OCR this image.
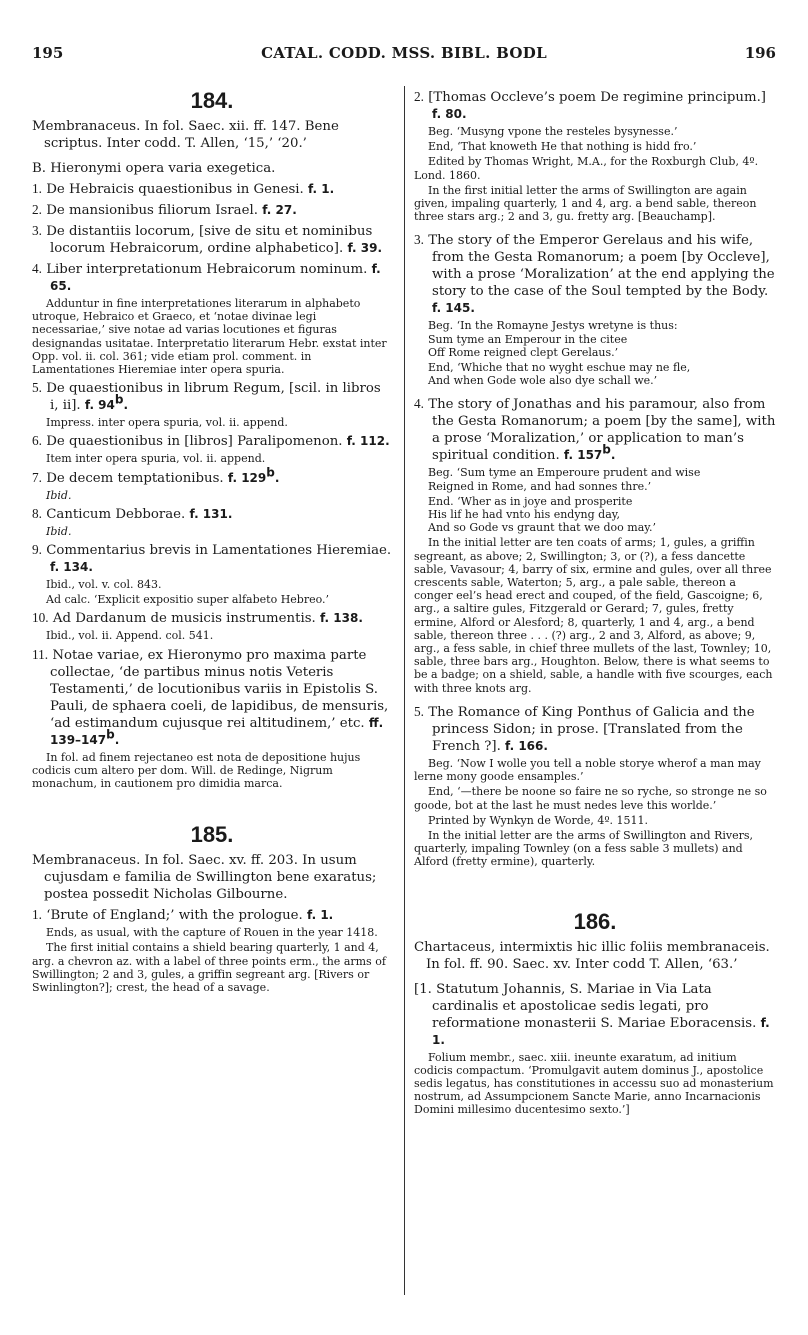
195	CATAL. CODD. MSS. BIBL. BODL	196

184.

Membranaceus. In fol. Saec. xii. ff. 147. Bene scriptus. Inter codd. T. Allen, ‘15,’ ‘20.’

B. Hieronymi opera varia exegetica.

1. De Hebraicis quaestionibus in Genesi. f. 1.

2. De mansionibus filiorum Israel. f. 27.

3. De distantiis locorum, [sive de situ et nominibus locorum Hebraicorum, ordine alphabetico]. f. 39.

4. Liber interpretationum Hebraicorum nominum. f. 65.

Adduntur in fine interpretationes literarum in alphabeto utroque, Hebraico et Graeco, et ‘notae divinae legi necessariae,’ sive notae ad varias locutiones et figuras designandas usitatae. Interpretatio literarum Hebr. exstat inter Opp. vol. ii. col. 361; vide etiam prol. comment. in Lamentationes Hieremiae inter opera spuria.

5. De quaestionibus in librum Regum, [scil. in libros i, ii]. f. 94$^b$.

Impress. inter opera spuria, vol. ii. append.

6. De quaestionibus in [libros] Paralipomenon. f. 112.

Item inter opera spuria, vol. ii. append.

7. De decem temptationibus. f. 129$^b$.

Ibid.

8. Canticum Debborae. f. 131.

Ibid.

9. Commentarius brevis in Lamentationes Hieremiae. f. 134.

Ibid., vol. v. col. 843.

Ad calc. ‘Explicit expositio super alfabeto Hebreo.’

10. Ad Dardanum de musicis instrumentis. f. 138.

Ibid., vol. ii. Append. col. 541.

11. Notae variae, ex Hieronymo pro maxima parte collectae, ‘de partibus minus notis Veteris Testamenti,’ de locutionibus variis in Epistolis S. Pauli, de sphaera coeli, de lapidibus, de mensuris, ‘ad estimandum cujusque rei altitudinem,’ etc. ff. 139–147$^b$.

In fol. ad finem rejectaneo est nota de depositione hujus codicis cum altero per dom. Will. de Redinge, Nigrum monachum, in cautionem pro dimidia marca.

185.

Membranaceus. In fol. Saec. xv. ff. 203. In usum cujusdam e familia de Swillington bene exaratus; postea possedit Nicholas Gilbourne.

1. ‘Brute of England;’ with the prologue. f. 1.

Ends, as usual, with the capture of Rouen in the year 1418.

The first initial contains a shield bearing quarterly, 1 and 4, arg. a chevron az. with a label of three points erm., the arms of Swillington; 2 and 3, gules, a griffin segreant arg. [Rivers or Swinlington?]; crest, the head of a savage.

2. [Thomas Occleve’s poem De regimine principum.] f. 80.

Beg. ‘Musyng vpone the resteles bysynesse.’

End, ‘That knoweth He that nothing is hidd fro.’

Edited by Thomas Wright, M.A., for the Roxburgh Club, 4º. Lond. 1860.

In the first initial letter the arms of Swillington are again given, impaling quarterly, 1 and 4, arg. a bend sable, thereon three stars arg.; 2 and 3, gu. fretty arg. [Beauchamp].

3. The story of the Emperor Gerelaus and his wife, from the Gesta Romanorum; a poem [by Occleve], with a prose ‘Moralization’ at the end applying the story to the case of the Soul tempted by the Body. f. 145.

Beg. ‘In the Romayne Jestys wretyne is thus:
Sum tyme an Emperour in the citee
Off Rome reigned clept Gerelaus.’

End, ‘Whiche that no wyght eschue may ne fle,
And when Gode wole also dye schall we.’

4. The story of Jonathas and his paramour, also from the Gesta Romanorum; a poem [by the same], with a prose ‘Moralization,’ or application to man’s spiritual condition. f. 157$^b$.

Beg. ‘Sum tyme an Emperoure prudent and wise
Reigned in Rome, and had sonnes thre.’

End. ‘Wher as in joye and prosperite
His lif he had vnto his endyng day,
And so Gode vs graunt that we doo may.’

In the initial letter are ten coats of arms; 1, gules, a griffin segreant, as above; 2, Swillington; 3, or (?), a fess dancette sable, Vavasour; 4, barry of six, ermine and gules, over all three crescents sable, Waterton; 5, arg., a pale sable, thereon a conger eel’s head erect and couped, of the field, Gascoigne; 6, arg., a saltire gules, Fitzgerald or Gerard; 7, gules, fretty ermine, Alford or Alesford; 8, quarterly, 1 and 4, arg., a bend sable, thereon three . . . (?) arg., 2 and 3, Alford, as above; 9, arg., a fess sable, in chief three mullets of the last, Townley; 10, sable, three bars arg., Houghton. Below, there is what seems to be a badge; on a shield, sable, a handle with five scourges, each with three knots arg.

5. The Romance of King Ponthus of Galicia and the princess Sidon; in prose. [Translated from the French ?]. f. 166.

Beg. ‘Now I wolle you tell a noble storye wherof a man may lerne mony goode ensamples.’

End, ‘—there be noone so faire ne so ryche, so stronge ne so goode, bot at the last he must nedes leve this worlde.’

Printed by Wynkyn de Worde, 4º. 1511.

In the initial letter are the arms of Swillington and Rivers, quarterly, impaling Townley (on a fess sable 3 mullets) and Alford (fretty ermine), quarterly.

186.

Chartaceus, intermixtis hic illic foliis membranaceis. In fol. ff. 90. Saec. xv. Inter codd T. Allen, ‘63.’

[1. Statutum Johannis, S. Mariae in Via Lata cardinalis et apostolicae sedis legati, pro reformatione monasterii S. Mariae Eboracensis. f. 1.

Folium membr., saec. xiii. ineunte exaratum, ad initium codicis compactum. ‘Promulgavit autem dominus J., apostolice sedis legatus, has constitutiones in accessu suo ad monasterium nostrum, ad Assumpcionem Sancte Marie, anno Incarnacionis Domini millesimo ducentesimo sexto.’]
